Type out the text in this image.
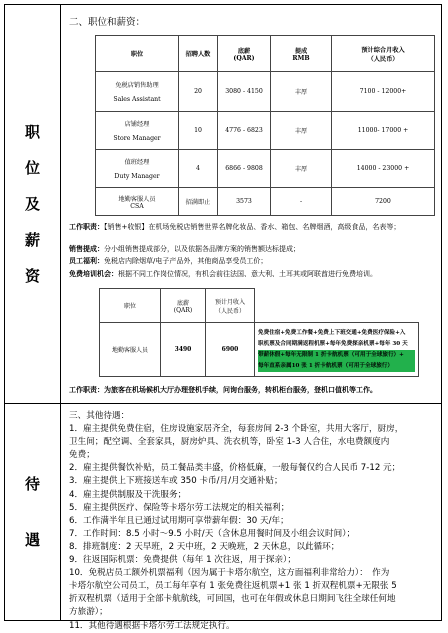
职
位
及
薪
资
二、职位和薪资：
职位	招聘人数	底薪
(QAR)	提成
RMB	预计综合月收入
（人民币）
免税店销售助理

Sales Assistant	20	3080 - 4150	丰厚	7100 - 12000+
店铺经理

Store Manager	10	4776 - 6823	丰厚	11000- 17000 +
值班经理

Duty Manager	4	6866 - 9808	丰厚	14000 - 23000 +
地勤客服人员
CSA	招满即止	3573	-	7200
工作职责：【销售+收银】在机场免税店销售世界名牌化妆品、香水、箱包、名牌烟酒，高级食品，名表等；
销售提成：分小组销售提成部分，以及依据各品牌方案的销售额达标提成；
员工福利：免税店内除烟草/电子产品外，其他商品享受员工价；
免费培训机会：根据不同工作岗位情况，有机会前往法国、意大利、土耳其或阿联酋进行免费培训。
职位	底薪
(QAR)	预计月收入
（人民币）	
地勤客服人员	3490	6900	免费住宿+免费工作餐+免费上下班交通+免费医疗保险+入
职机票及合同期满返程机票+每年免费探亲机票+每年 30 天
带薪休假+每年无限制 1 折卡航机票（可用于全球旅行）+
每年直系亲属10 张 1 折卡航机票（可用于全球旅行）
工作职责：为旅客在机场候机大厅办理登机手续，问询台服务，转机柜台服务，登机口值机等工作。
待
遇
三、其他待遇：
1．雇主提供免费住宿，住房设施家居齐全，每套房间 2-3 个卧室，共用大客厅，厨房，
卫生间；配空调、全套家具，厨房炉具、洗衣机等，卧室 1-3 人合住，水电费额度内
免费；
2．雇主提供餐饮补贴，员工餐品类丰盛，价格低廉，一般每餐仅约合人民币 7-12 元；
3．雇主提供上下班接送车或 350 卡币/月/月交通补贴；
4．雇主提供制服及干洗服务；
5．雇主提供医疗、保险等卡塔尔劳工法规定的相关福利；
6．工作满半年且已通过试用期可享带薪年假：30 天/年；
7．工作时间：8.5 小时～9.5 小时/天（含休息用餐时间及小组会议时间）；
8．排班制度：2 天早班，2 天中班，2 天晚班，2 天休息，以此循环；
9．往返国际机票：免费提供（每年 1 次往返，用于探亲）；
10．免税店员工额外机票福利（因为属于卡塔尔航空，这方面福利非常给力）：　作为
卡塔尔航空公司员工，员工每年享有 1 张免费往返机票+1 张 1 折双程机票+无限张 5
折双程机票（适用于全部卡航航线，可回国，也可在年假或休息日期间飞往全球任何地
方旅游）；
11．其他待遇根据卡塔尔劳工法规定执行。
